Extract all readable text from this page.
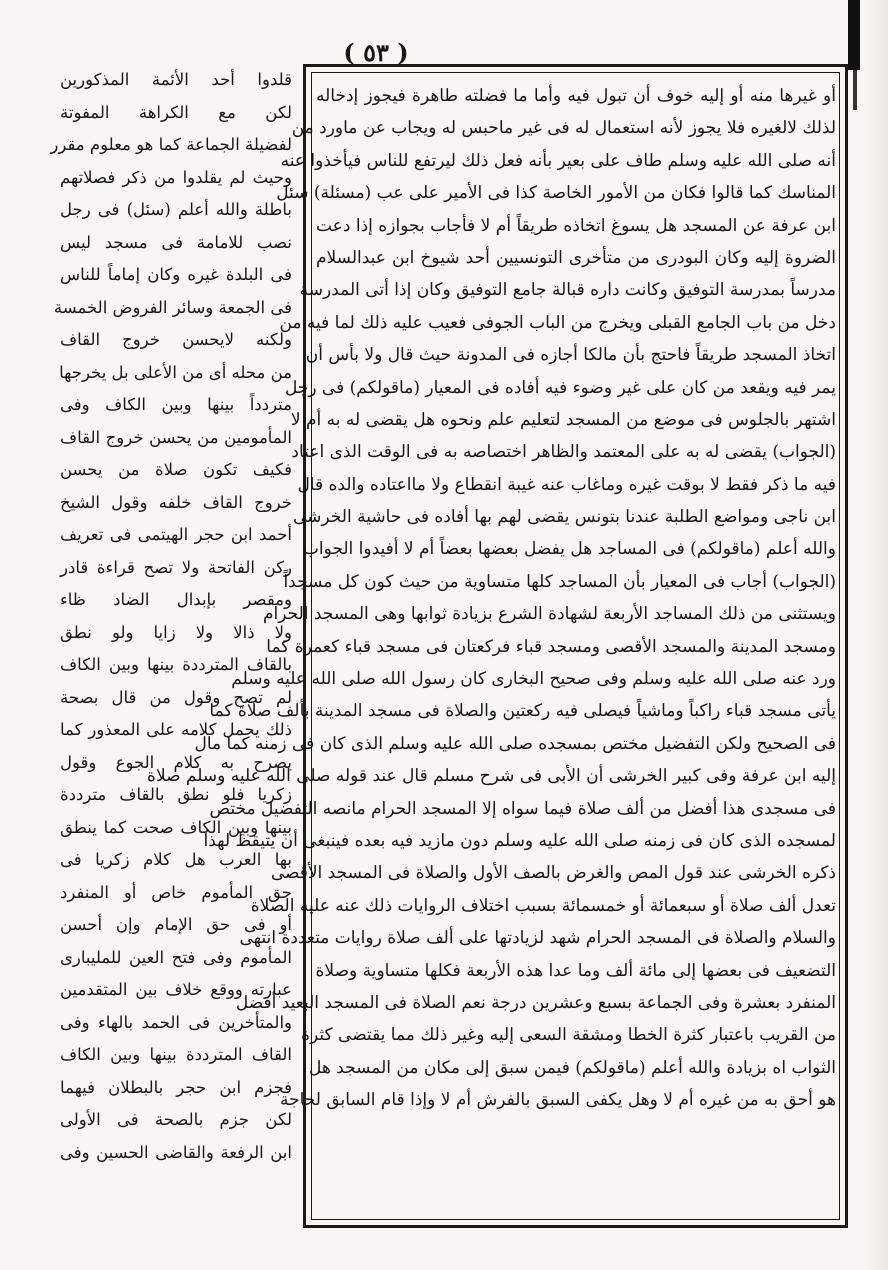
( ٥٣ )
أو غيرها منه أو إليه خوف أن تبول فيه وأما ما فضلته طاهرة فيجوز إدخاله
لذلك لالغيره فلا يجوز لأنه استعمال له فى غير ماحبس له ويجاب عن ماورد من
أنه صلى الله عليه وسلم طاف على بعير بأنه فعل ذلك ليرتفع للناس فيأخذوا عنه
المناسك كما قالوا فكان من الأمور الخاصة كذا فى الأمير على عب (مسئلة) سئل
ابن عرفة عن المسجد هل يسوغ اتخاذه طريقاً أم لا فأجاب بجوازه إذا دعت
الضروة إليه وكان البودرى من متأخرى التونسيين أحد شيوخ ابن عبدالسلام
مدرساً بمدرسة التوفيق وكانت داره قبالة جامع التوفيق وكان إذا أتى المدرسة
دخل من باب الجامع القبلى ويخرج من الباب الجوفى فعيب عليه ذلك لما فيه من
اتخاذ المسجد طريقاً فاحتج بأن مالكا أجازه فى المدونة حيث قال ولا بأس أن
يمر فيه ويقعد من كان على غير وضوء فيه أفاده فى المعيار (ماقولكم) فى رجل
اشتهر بالجلوس فى موضع من المسجد لتعليم علم ونحوه هل يقضى له به أم لا
(الجواب) يقضى له به على المعتمد والظاهر اختصاصه به فى الوقت الذى اعتاد
فيه ما ذكر فقط لا بوقت غيره وماغاب عنه غيبة انقطاع ولا مااعتاده والده قال
ابن ناجى ومواضع الطلبة عندنا بتونس يقضى لهم بها أفاده فى حاشية الخرشى
والله أعلم (ماقولكم) فى المساجد هل يفضل بعضها بعضاً أم لا أفيدوا الجواب
(الجواب) أجاب فى المعيار بأن المساجد كلها متساوية من حيث كون كل مسجداً
ويستثنى من ذلك المساجد الأربعة لشهادة الشرع بزيادة ثوابها وهى المسجد الحرام
ومسجد المدينة والمسجد الأقصى ومسجد قباء فركعتان فى مسجد قباء كعمرة كما
ورد عنه صلى الله عليه وسلم وفى صحيح البخارى كان رسول الله صلى الله عليه وسلم
يأتى مسجد قباء راكباً وماشياً فيصلى فيه ركعتين والصلاة فى مسجد المدينة بألف صلاة كما
فى الصحيح ولكن التفضيل مختص بمسجده صلى الله عليه وسلم الذى كان فى زمنه كما مال
إليه ابن عرفة وفى كبير الخرشى أن الأبى فى شرح مسلم قال عند قوله صلى الله عليه وسلم صلاة
فى مسجدى هذا أفضل من ألف صلاة فيما سواه إلا المسجد الحرام مانصه التفضيل مختص
لمسجده الذى كان فى زمنه صلى الله عليه وسلم دون مازيد فيه بعده فينبغى أن يتيقظ لهذا
ذكره الخرشى عند قول المص والغرض بالصف الأول والصلاة فى المسجد الأقصى
تعدل ألف صلاة أو سبعمائة أو خمسمائة بسبب اختلاف الروايات ذلك عنه عليه الصلاة
والسلام والصلاة فى المسجد الحرام شهد لزيادتها على ألف صلاة روايات متعددة انتهى
التضعيف فى بعضها إلى مائة ألف وما عدا هذه الأربعة فكلها متساوية وصلاة
المنفرد بعشرة وفى الجماعة بسبع وعشرين درجة نعم الصلاة فى المسجد البعيد أفضل
من القريب باعتبار كثرة الخطا ومشقة السعى إليه وغير ذلك مما يقتضى كثرة
الثواب اه بزيادة والله أعلم (ماقولكم) فيمن سبق إلى مكان من المسجد هل
هو أحق به من غيره أم لا وهل يكفى السبق بالفرش أم لا وإذا قام السابق لحاجة
قلدوا أحد الأئمة المذكورين
لكن مع الكراهة المفوتة
لفضيلة الجماعة كما هو معلوم مقرر
وحيث لم يقلدوا من ذكر فصلاتهم
باطلة والله أعلم (سئل) فى رجل
نصب للامامة فى مسجد ليس
فى البلدة غيره وكان إماماً للناس
فى الجمعة وسائر الفروض الخمسة
ولكنه لايحسن خروج القاف
من محله أى من الأعلى بل يخرجها
متردداً بينها وبين الكاف وفى
المأمومين من يحسن خروج القاف
فكيف تكون صلاة من يحسن
خروج القاف خلفه وقول الشيخ
أحمد ابن حجر الهيتمى فى تعريف
ركن الفاتحة ولا تصح قراءة قادر
ومقصر بإبدال الضاد ظاء
ولا ذالا ولا زايا ولو نطق
بالقاف المترددة بينها وبين الكاف
لم تصح وقول من قال بصحة
ذلك يحمل كلامه على المعذور كما
يصرح به كلام الجوع وقول
زكريا فلو نطق بالقاف مترددة
بينها وبين الكاف صحت كما ينطق
بها العرب هل كلام زكريا فى
حق المأموم خاص أو المنفرد
أو فى حق الإمام وإن أحسن
المأموم وفى فتح العين للمليبارى
عبارته ووقع خلاف بين المتقدمين
والمتأخرين فى الحمد بالهاء وفى
القاف المترددة بينها وبين الكاف
فجزم ابن حجر بالبطلان فيهما
لكن جزم بالصحة فى الأولى
ابن الرفعة والقاضى الحسين وفى
